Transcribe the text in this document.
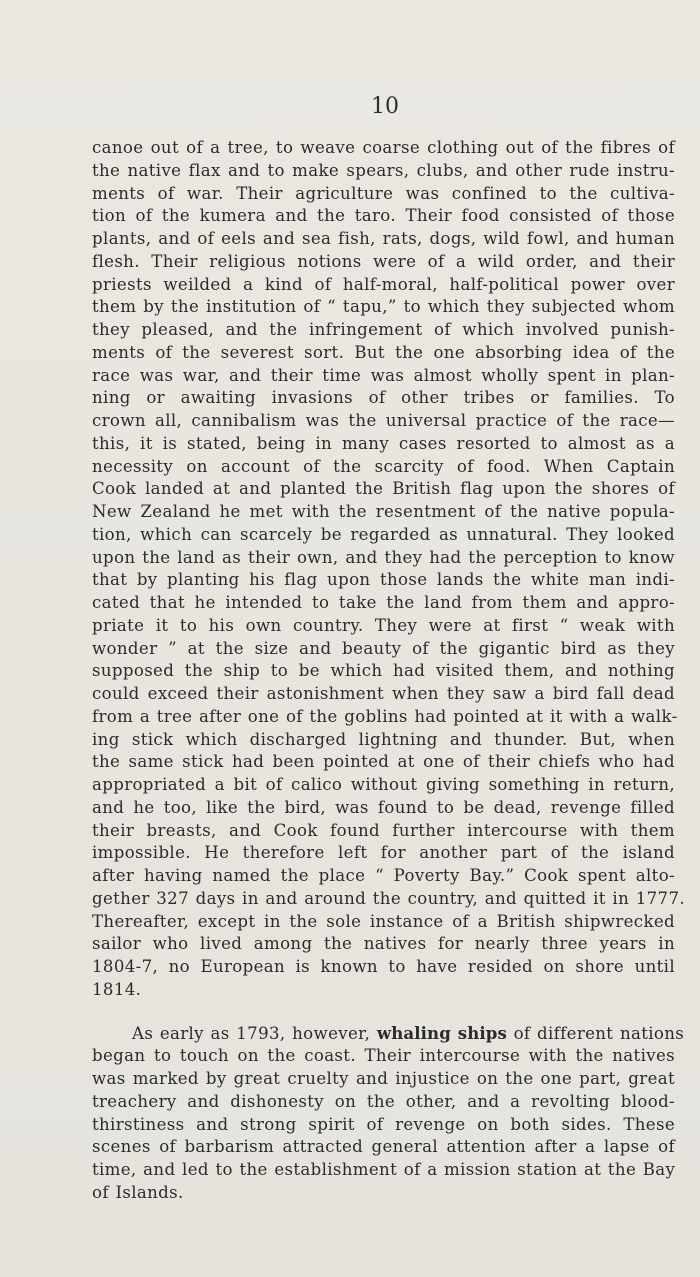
10
canoe out of a tree, to weave coarse clothing out of the fibres of
the native flax and to make spears, clubs, and other rude instru-
ments of war. Their agriculture was confined to the cultiva-
tion of the kumera and the taro. Their food consisted of those
plants, and of eels and sea fish, rats, dogs, wild fowl, and human
flesh. Their religious notions were of a wild order, and their
priests weilded a kind of half-moral, half-political power over
them by the institution of “ tapu,” to which they subjected whom
they pleased, and the infringement of which involved punish-
ments of the severest sort. But the one absorbing idea of the
race was war, and their time was almost wholly spent in plan-
ning or awaiting invasions of other tribes or families. To
crown all, cannibalism was the universal practice of the race—
this, it is stated, being in many cases resorted to almost as a
necessity on account of the scarcity of food. When Captain
Cook landed at and planted the British flag upon the shores of
New Zealand he met with the resentment of the native popula-
tion, which can scarcely be regarded as unnatural. They looked
upon the land as their own, and they had the perception to know
that by planting his flag upon those lands the white man indi-
cated that he intended to take the land from them and appro-
priate it to his own country. They were at first “ weak with
wonder ” at the size and beauty of the gigantic bird as they
supposed the ship to be which had visited them, and nothing
could exceed their astonishment when they saw a bird fall dead
from a tree after one of the goblins had pointed at it with a walk-
ing stick which discharged lightning and thunder. But, when
the same stick had been pointed at one of their chiefs who had
appropriated a bit of calico without giving something in return,
and he too, like the bird, was found to be dead, revenge filled
their breasts, and Cook found further intercourse with them
impossible. He therefore left for another part of the island
after having named the place “ Poverty Bay.” Cook spent alto-
gether 327 days in and around the country, and quitted it in 1777.
Thereafter, except in the sole instance of a British shipwrecked
sailor who lived among the natives for nearly three years in
1804-7, no European is known to have resided on shore until
1814.
As early as 1793, however, whaling ships of different nations
began to touch on the coast. Their intercourse with the natives
was marked by great cruelty and injustice on the one part, great
treachery and dishonesty on the other, and a revolting blood-
thirstiness and strong spirit of revenge on both sides. These
scenes of barbarism attracted general attention after a lapse of
time, and led to the establishment of a mission station at the Bay
of Islands.
